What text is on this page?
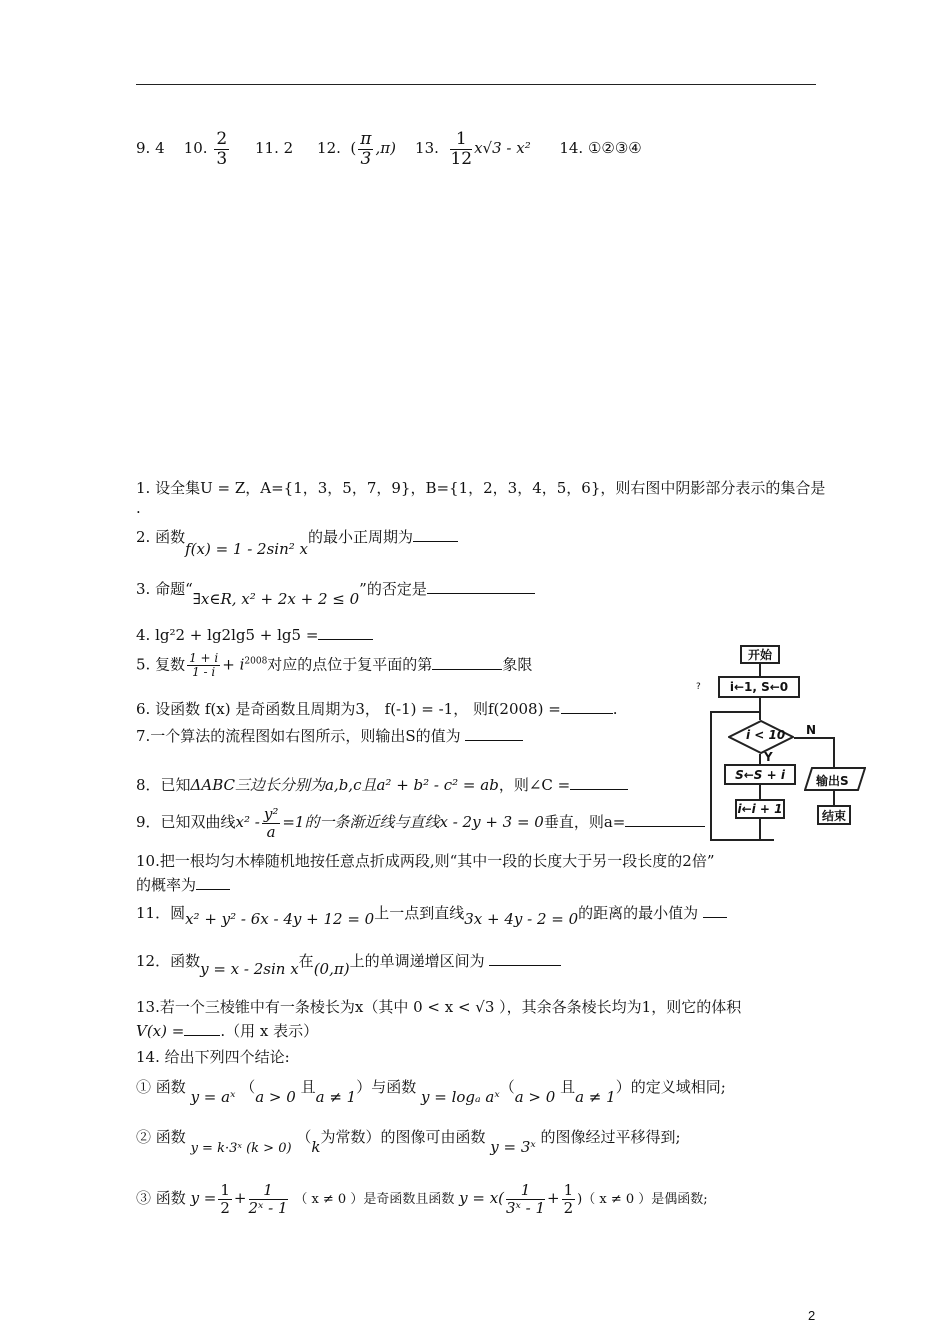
9. 4 10. $\frac{2}{3} 11$. 2 12.  ( $\frac{\pi}{3} ,\pi$) 13. $\frac{1}{12} x√3 - x^2$ 14. ①②③④
1. 设全集U = Z，A={1，3，5，7，9}，B={1，2，3，4，5，6}，则右图中阴影部分表示的集合是
.
2. 函数f(x) = 1 - 2sin² x的最小正周期为
3. 命题“∃x∈R, x² + 2x + 2 ≤ 0”的否定是
4. lg²2 + lg2lg5 + lg5 =
5. 复数 $\frac{1 + i}{1 - i} + i^{2008}$对应的点位于复平面的第	象限
6. 设函数 f(x) 是奇函数且周期为3， f(-1) = -1， 则f(2008) =	.
7.一个算法的流程图如右图所示，则输出S的值为
8．已知ΔABC三边长分别为a,b,c且a² + b² - c² = ab，则∠C =
9．已知双曲线$x^2 - \frac{\text{y²}}{a} =1$的一条渐近线与直线x - 2y + 3 = 0垂直，则a=
10.把一根均匀木棒随机地按任意点折成两段,则“其中一段的长度大于另一段长度的2倍”
的概率为
11．圆x² + y² - 6x - 4y + 12 = 0上一点到直线3x + 4y - 2 = 0的距离的最小值为
12．函数y = x - 2sin x在(0,π)上的单调递增区间为
13.若一个三棱锥中有一条棱长为x（其中 0 < x < √3 ），其余各条棱长均为1，则它的体积
V(x) = .（用 x 表示）
14. 给出下列四个结论:
① 函数 y = aˣ （a > 0 且a ≠ 1）与函数 y = logₐ aˣ（a > 0 且a ≠ 1）的定义域相同;
② 函数 y = k·3ˣ (k > 0) （k为常数）的图像可由函数 y = 3ˣ 的图像经过平移得到;
③ 函数 $y = \frac{1}{2} + \frac{1}{\text{2ˣ - 1}}$ （ x ≠ 0 ）是奇函数且函数 $y = x( \frac{1}{\text{3ˣ - 1}} + \frac{1}{2}$ )（ x ≠ 0 ）是偶函数;
?
开始
i←1, S←0
i < 10
Y
N
S←S + i
i←i + 1
输出S
结束
2
